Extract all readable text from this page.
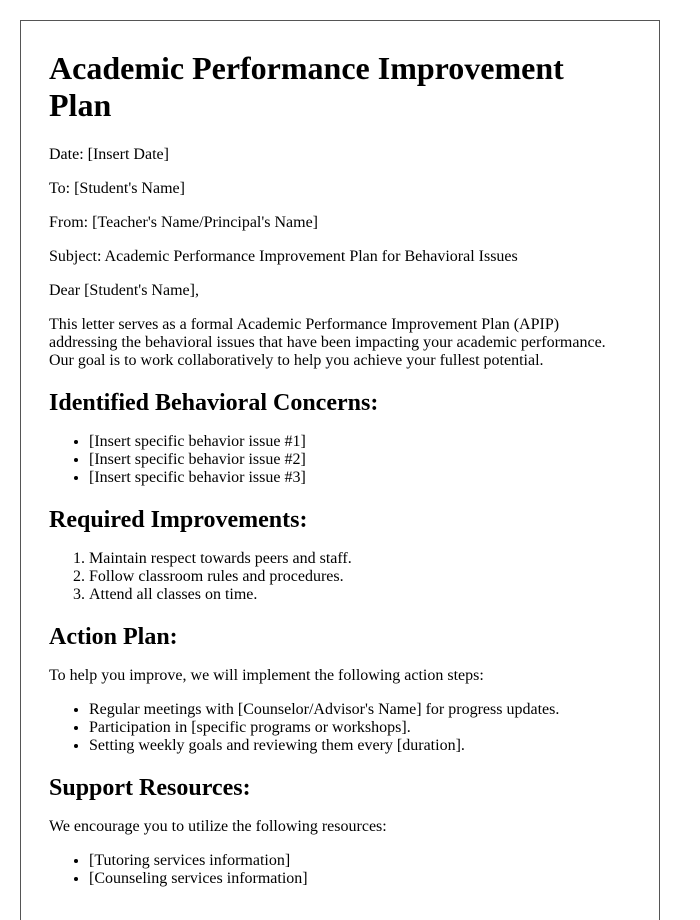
Academic Performance Improvement Plan

Date: [Insert Date]

To: [Student's Name]

From: [Teacher's Name/Principal's Name]

Subject: Academic Performance Improvement Plan for Behavioral Issues

Dear [Student's Name],

This letter serves as a formal Academic Performance Improvement Plan (APIP) addressing the behavioral issues that have been impacting your academic performance. Our goal is to work collaboratively to help you achieve your fullest potential.

Identified Behavioral Concerns:
• [Insert specific behavior issue #1]
• [Insert specific behavior issue #2]
• [Insert specific behavior issue #3]
Required Improvements:
1. Maintain respect towards peers and staff.
2. Follow classroom rules and procedures.
3. Attend all classes on time.
Action Plan:

To help you improve, we will implement the following action steps:

• Regular meetings with [Counselor/Advisor's Name] for progress updates.
• Participation in [specific programs or workshops].
• Setting weekly goals and reviewing them every [duration].
Support Resources:

We encourage you to utilize the following resources:

• [Tutoring services information]
• [Counseling services information]
